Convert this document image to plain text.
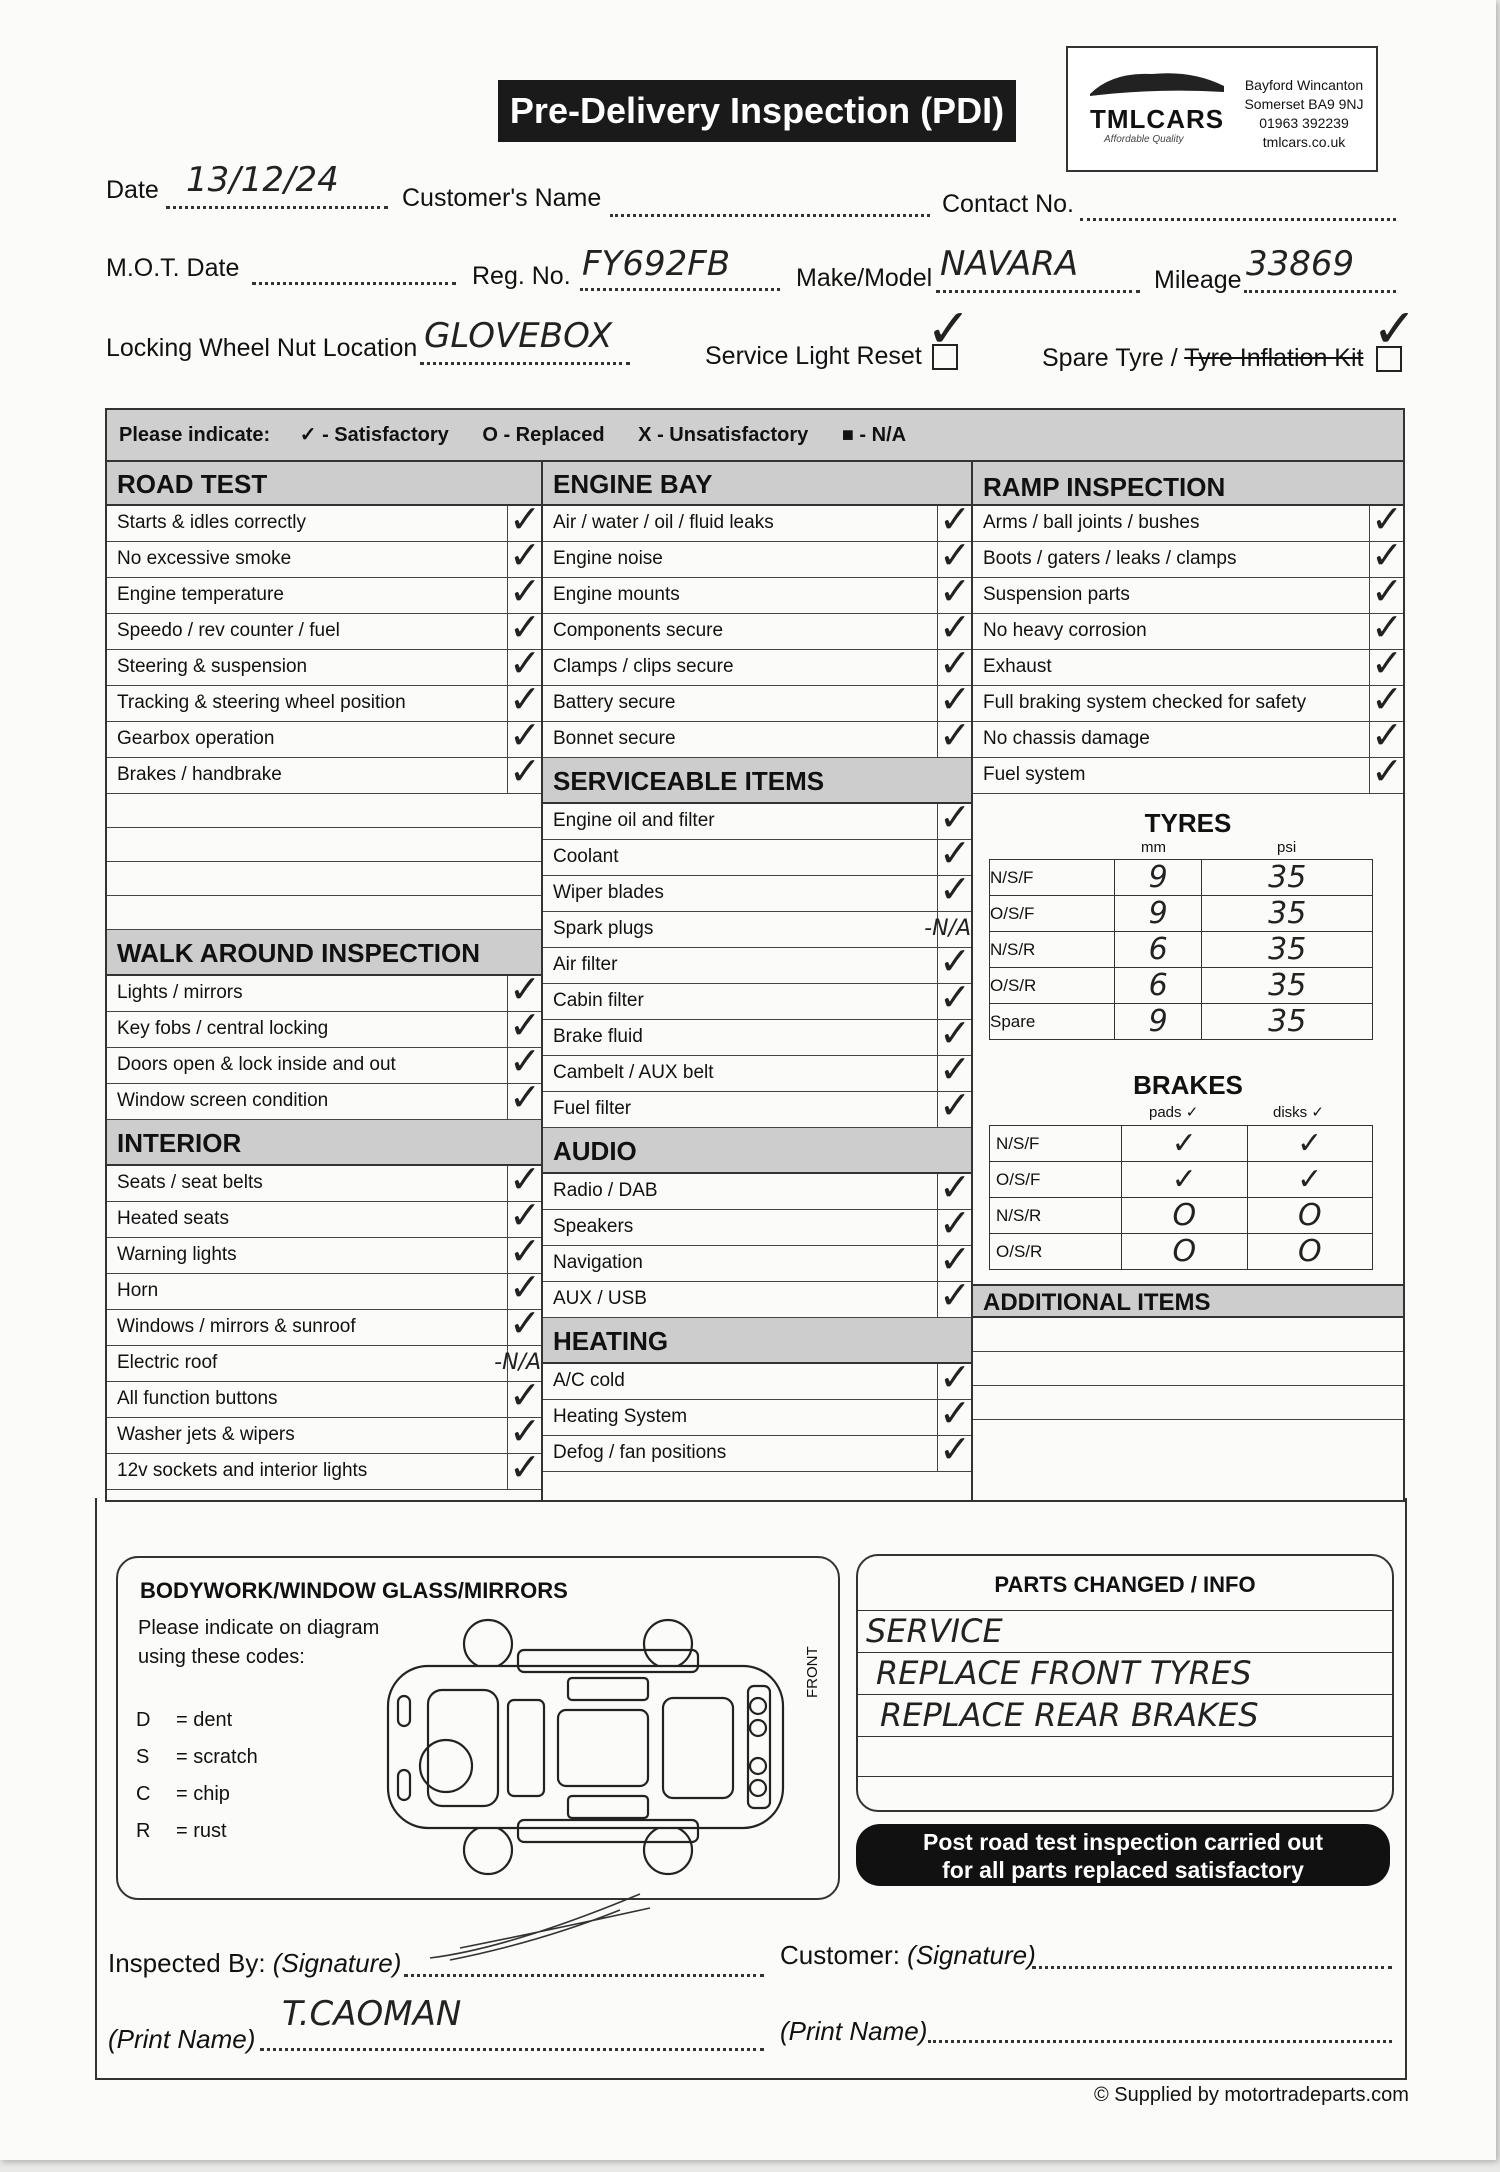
Pre-Delivery Inspection (PDI)	TMLCARS
Affordable Quality
Bayford Wincanton
Somerset BA9 9NJ
01963 392239
tmlcars.co.uk
Date 13/12/24	Customer's Name	Contact No.
M.O.T. Date	Reg. No. FY692FB	Make/Model NAVARA	Mileage 33869
Locking Wheel Nut Location GLOVEBOX	Service Light Reset ✓	Spare Tyre / Tyre Inflation Kit ✓
Please indicate: ✓ - Satisfactory O - Replaced X - Unsatisfactory ■ - N/A
ROAD TEST
Starts & idles correctly	✓
No excessive smoke	✓
Engine temperature	✓
Speedo / rev counter / fuel	✓
Steering & suspension	✓
Tracking & steering wheel position	✓
Gearbox operation	✓
Brakes / handbrake	✓
WALK AROUND INSPECTION
Lights / mirrors	✓
Key fobs / central locking	✓
Doors open & lock inside and out	✓
Window screen condition	✓
INTERIOR
Seats / seat belts	✓
Heated seats	✓
Warning lights	✓
Horn	✓
Windows / mirrors & sunroof	✓
Electric roof	-N/A
All function buttons	✓
Washer jets & wipers	✓
12v sockets and interior lights	✓
ENGINE BAY
Air / water / oil / fluid leaks	✓
Engine noise	✓
Engine mounts	✓
Components secure	✓
Clamps / clips secure	✓
Battery secure	✓
Bonnet secure	✓
SERVICEABLE ITEMS
Engine oil and filter	✓
Coolant	✓
Wiper blades	✓
Spark plugs	-N/A
Air filter	✓
Cabin filter	✓
Brake fluid	✓
Cambelt / AUX belt	✓
Fuel filter	✓
AUDIO
Radio / DAB	✓
Speakers	✓
Navigation	✓
AUX / USB	✓
HEATING
A/C cold	✓
Heating System	✓
Defog / fan positions	✓
RAMP INSPECTION
Arms / ball joints / bushes	✓
Boots / gaters / leaks / clamps	✓
Suspension parts	✓
No heavy corrosion	✓
Exhaust	✓
Full braking system checked for safety ✓
No chassis damage	✓
Fuel system	✓
TYRES
mm	psi
N/S/F	9	35
O/S/F	9	35
N/S/R	6	35
O/S/R	6	35
Spare	9	35
BRAKES
pads ✓	disks ✓
N/S/F	✓	✓
O/S/F	✓	✓
N/S/R	O	O
O/S/R	O	O
ADDITIONAL ITEMS
BODYWORK/WINDOW GLASS/MIRRORS
Please indicate on diagram using these codes:
D = dent
S = scratch
C = chip
R = rust
FRONT
PARTS CHANGED / INFO
SERVICE
REPLACE FRONT TYRES
REPLACE REAR BRAKES
Post road test inspection carried out
for all parts replaced satisfactory
Inspected By: (Signature)	Customer: (Signature)
(Print Name)
T.CAOMAN	(Print Name)
© Supplied by motortradeparts.com
